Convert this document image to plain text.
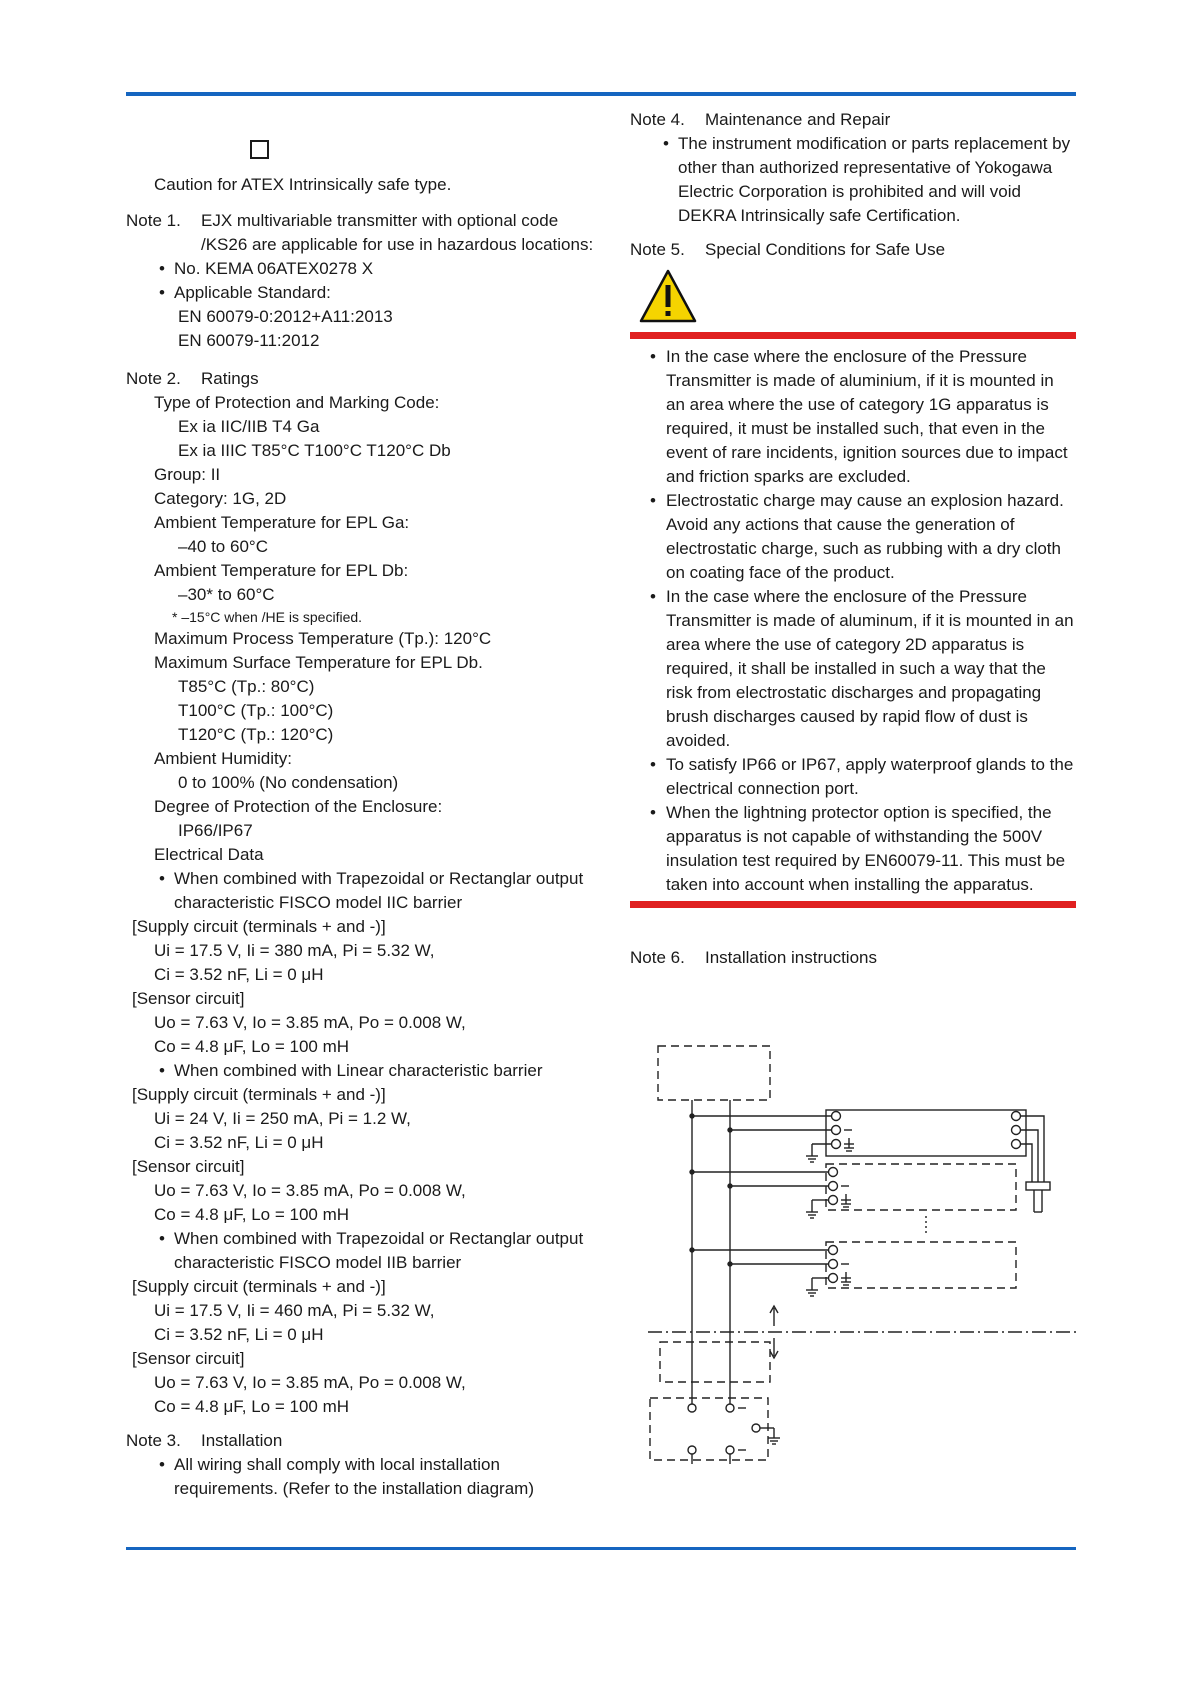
Caution for ATEX Intrinsically safe type.
Note 1.	EJX multivariable transmitter with optional code /KS26 are applicable for use in hazardous locations:
• No. KEMA 06ATEX0278 X
• Applicable Standard:
EN 60079-0:2012+A11:2013
EN 60079-11:2012
Note 2.	Ratings
Type of Protection and Marking Code:
Ex ia IIC/IIB T4 Ga
Ex ia IIIC T85°C T100°C T120°C Db
Group: II
Category: 1G, 2D
Ambient Temperature for EPL Ga:
–40 to 60°C
Ambient Temperature for EPL Db:
–30* to 60°C
* –15°C when /HE is specified.
Maximum Process Temperature (Tp.): 120°C
Maximum Surface Temperature for EPL Db.
T85°C (Tp.: 80°C)
T100°C (Tp.: 100°C)
T120°C (Tp.: 120°C)
Ambient Humidity:
0 to 100% (No condensation)
Degree of Protection of the Enclosure:
IP66/IP67
Electrical Data
• When combined with Trapezoidal or Rectanglar output characteristic FISCO model IIC barrier
[Supply circuit (terminals + and -)]
Ui = 17.5 V, Ii = 380 mA, Pi = 5.32 W,
Ci = 3.52 nF, Li = 0 μH
[Sensor circuit]
Uo = 7.63 V, Io = 3.85 mA, Po = 0.008 W,
Co = 4.8 μF, Lo = 100 mH
• When combined with Linear characteristic barrier
[Supply circuit (terminals + and -)]
Ui = 24 V, Ii = 250 mA, Pi = 1.2 W,
Ci = 3.52 nF, Li = 0 μH
[Sensor circuit]
Uo = 7.63 V, Io = 3.85 mA, Po = 0.008 W,
Co = 4.8 μF, Lo = 100 mH
• When combined with Trapezoidal or Rectanglar output characteristic FISCO model IIB barrier
[Supply circuit (terminals + and -)]
Ui = 17.5 V, Ii = 460 mA, Pi = 5.32 W,
Ci = 3.52 nF, Li = 0 μH
[Sensor circuit]
Uo = 7.63 V, Io = 3.85 mA, Po = 0.008 W,
Co = 4.8 μF, Lo = 100 mH
Note 3.	Installation
• All wiring shall comply with local installation requirements. (Refer to the installation diagram)
Note 4.	Maintenance and Repair
• The instrument modification or parts replacement by other than authorized representative of Yokogawa Electric Corporation is prohibited and will void DEKRA Intrinsically safe Certification.
Note 5.	Special Conditions for Safe Use
• In the case where the enclosure of the Pressure Transmitter is made of aluminium, if it is mounted in an area where the use of category 1G apparatus is required, it must be installed such, that even in the event of rare incidents, ignition sources due to impact and friction sparks are excluded.
• Electrostatic charge may cause an explosion hazard. Avoid any actions that cause the generation of electrostatic charge, such as rubbing with a dry cloth on coating face of the product.
• In the case where the enclosure of the Pressure Transmitter is made of aluminum, if it is mounted in an area where the use of category 2D apparatus is required, it shall be installed in such a way that the risk from electrostatic discharges and propagating brush discharges caused by rapid flow of dust is avoided.
• To satisfy IP66 or IP67, apply waterproof glands to the electrical connection port.
• When the lightning protector option is specified, the apparatus is not capable of withstanding the 500V insulation test required by EN60079-11. This must be taken into account when installing the apparatus.
Note 6.	Installation instructions
